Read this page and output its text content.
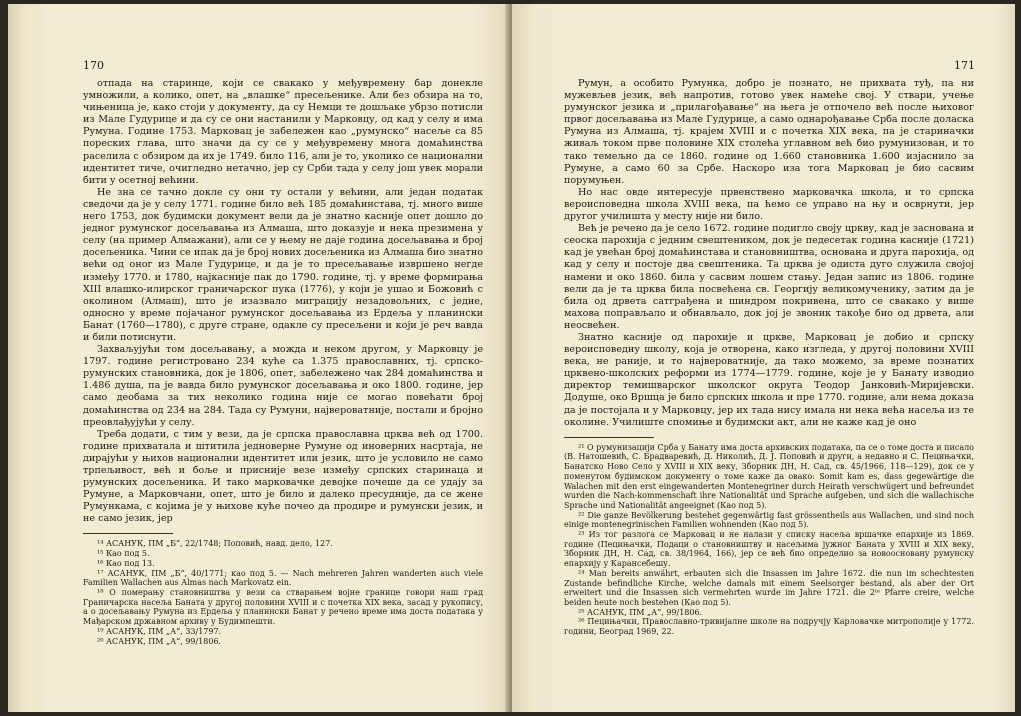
170

отпада на старинце, који се свакако у међувремену бар донекле умножили, а колико, опет, на „влашке“ пресељенике. Али без обзира на то, чињеница је, како стоји у документу, да су Немци те дошљаке убрзо потисли из Мале Гудурице и да су се они настанили у Марковцу, од кад у селу и има Румуна. Године 1753. Марковац је забележен као „румунско“ насеље са 85 пореских глава, што значи да су се у међувремену многа домаћинства раселила с обзиром да их је 1749. било 116, али је то, уколико се национални идентитет тиче, очигледно нетачно, јер су Срби тада у селу још увек морали бити у осетној већини.

Не зна се тачно докле су они ту остали у већини, али један податак сведочи да је у селу 1771. године било већ 185 домаћинстава, тј. много више него 1753, док будимски документ вели да је знатно касније опет дошло до једног румунског досељавања из Алмаша, што доказује и нека презимена у селу (на пример Алмажани), али се у њему не даје година досељавања и број досељеника. Чини се ипак да је број нових досељеника из Алмаша био знатно већи од оног из Мале Гудурице, и да је то пресељавање извршено негде између 1770. и 1780, најкасније пак до 1790. године, тј. у време формирања XIII влашко-илирског граничарског пука (1776), у који је ушао и Божовић с околином (Алмаш), што је изазвало миграцију незадовољних, с једне, односно у време појачаног румунског досељавања из Ердеља у планински Банат (1760—1780), с друге стране, одакле су пресељени и који је реч вавда и били потиснути.

Захваљујући том досељавању, а можда и неком другом, у Марковцу је 1797. године регистровано 234 куће са 1.375 православних, тј. српско-румунских становника, док је 1806, опет, забележено чак 284 домаћинства и 1.486 душа, па је вавда било румунског досељавања и око 1800. године, јер само деобама за тих неколико година није се могао повећати број домаћинства од 234 на 284. Тада су Румуни, највероватније, постали и бројно преовлађујући у селу.

Треба додати, с тим у вези, да је српска православна црква већ од 1700. године прихватала и штитила једноверне Румуне од иноверних насртаја, не дирајући у њихов национални идентитет или језик, што је условило не само трпељивост, већ и боље и присније везе између српских старинаца и румунских досељеника. И тако марковачке девојке почеше да се удају за Румуне, а Марковчани, опет, што је било и далеко пресудније, да се жене Румункама, с којима је у њихове куће почео да продире и румунски језик, и не само језик, јер

¹⁴ АСАНУК, ПМ „Б“, 22/1748; Поповић, навд. дело, 127.

¹⁵ Као под 5.

¹⁶ Као под 13.

¹⁷ АСАНУК, ПМ „Б“, 40/1771; као под 5. — Nach mehreren Jahren wanderten auch viele Familien Wallachen aus Almas nach Markovatz ein.

¹⁸ О померању становништва у вези са стварањем војне границе говори наш град Граничарска насеља Баната у другој половини XVIII и с почетка XIX века, засад у рукопису, а о досељавању Румуна из Ердеља у планински Банат у речено време има доста података у Мађарском државном архиву у Будимпешти.

¹⁹ АСАНУК, ПМ „А“, 33/1797.

²⁰ АСАНУК, ПМ „А“, 99/1806.

171

Румун, а особито Румунка, добро је познато, не прихвата туђ, па ни мужевљев језик, већ напротив, готово увек намеће свој. У ствари, учење румунског језика и „прилагођавање“ на њега је отпочело већ после њиховог првог досељавања из Мале Гудурице, а само однарођавање Срба после доласка Румуна из Алмаша, тј. крајем XVIII и с почетка XIX века, па је стариначки живаљ током прве половине XIX столећа углавном већ био румунизован, и то тако темељно да се 1860. године од 1.660 становника 1.600 изјаснило за Румуне, а само 60 за Србе. Наскоро иза тога Марковац је био сасвим порумуњен.

Но нас овде интересује првенствено марковачка школа, и то српска вероисповедна школа XVIII века, па ћемо се управо на њу и осврнути, јер другог училишта у месту није ни било.

Већ је речено да је село 1672. године подигло своју цркву, кад је заснована и сеоска парохија с једним свештеником, док је педесетак година касније (1721) кад је увећан број домаћинстава и становништва, основана и друга парохија, од кад у селу и постоје два свештеника. Та црква је одиста дуго служила својој намени и око 1860. била у сасвим лошем стању. Један запис из 1806. године вели да је та црква била посвећена св. Георгију великомученику, затим да је била од дрвета сатграђена и шиндром покривена, што се свакако у више махова поправљало и обнављало, док јој је звоник такође био од дрвета, али неосвећен.

Знатно касније од парохије и цркве, Марковац је добио и српску вероисповедну школу, која је отворена, како изгледа, у другој половини XVIII века, не раније, и то највероватније, да тако можемо, за време познатих црквено-школских реформи из 1774—1779. године, које је у Банату изводио директор темишварског школског округа Теодор Јанковић-Миријевски. Додуше, око Вршца је било српских школа и пре 1770. године, али нема доказа да је постојала и у Марковцу, јер их тада нису имала ни нека већа насеља из те околине. Училиште спомиње и будимски акт, али не каже кад је оно

²¹ О румунизацији Срба у Банату има доста архивских података, па се о томе доста и писало (В. Натошевић, С. Брадваревић, Д. Николић, Д. Ј. Поповић и други, а недавно и С. Пецињачки, Банатско Ново Село у XVIII и XIX веку, Зборник ДН, Н. Сад, св. 45/1966, 118—129), док се у поменутом будимском документу о томе каже да овако: Somit kam es, dass gegewärtige die Walachen mit den erst eingewanderten Montenegriner durch Heirath verschwügert und befreundet wurden die Nach-kommenschaft ihre Nationalität und Sprache aufgeben, und sich die wallachische Sprache und Nationalität angeeignet (Као под 5).

²² Die ganze Bevölkerung bestehet gegenwärtig fast grössentheils aus Wallachen, und sind noch einige montenegrinischen Familien wohnenden (Као под 5).

²³ Из тог разлога се Марковац и не налази у списку насеља вршачке епархије из 1869. године (Пецињачки, Подаци о становништву и насељима јужног Баната у XVIII и XIX веку, Зборник ДН, Н. Сад, св. 38/1964, 166), јер се већ био определио за новоосновану румунску епархију у Карансебешу.

²⁴ Man bereits anwährt, erbauten sich die Insassen im Jahre 1672. die nun im schechtesten Zustande befindliche Kirche, welche damals mit einem Seelsorger bestand, als aber der Ort erweitert und die Insassen sich vermehrten wurde im Jahre 1721. die 2ᵗᵉ Pfarre creire, welche beiden heute noch bestehen (Као под 5).

²⁵ АСАНУК, ПМ „А“, 99/1806.

²⁶ Пецињачки, Православно-тривијалне школе на подручју Карловачке митрополије у 1772. години, Београд 1969, 22.
